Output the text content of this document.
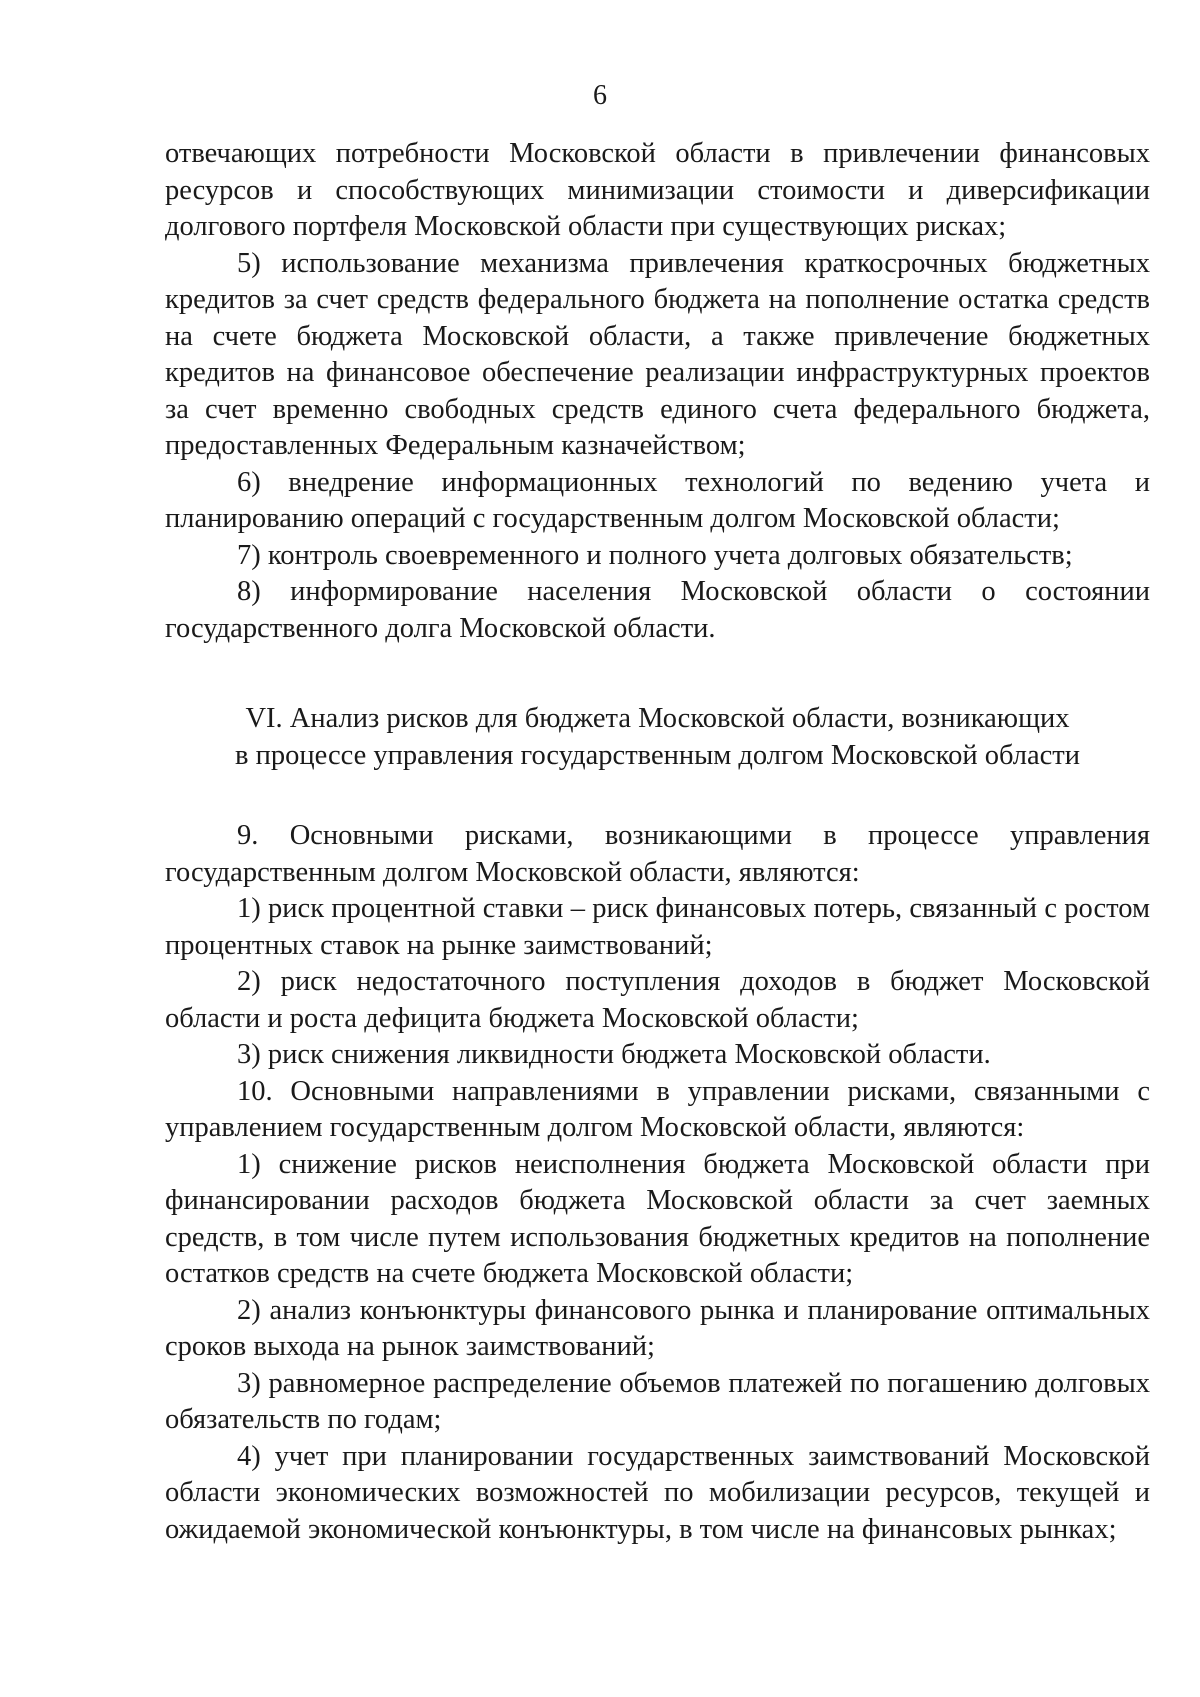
6

отвечающих потребности Московской области в привлечении финансовых ресурсов и способствующих минимизации стоимости и диверсификации долгового портфеля Московской области при существующих рисках;

5) использование механизма привлечения краткосрочных бюджетных кредитов за счет средств федерального бюджета на пополнение остатка средств на счете бюджета Московской области, а также привлечение бюджетных кредитов на финансовое обеспечение реализации инфраструктурных проектов за счет временно свободных средств единого счета федерального бюджета, предоставленных Федеральным казначейством;

6) внедрение информационных технологий по ведению учета и планированию операций с государственным долгом Московской области;

7) контроль своевременного и полного учета долговых обязательств;

8) информирование населения Московской области о состоянии государственного долга Московской области.

VI. Анализ рисков для бюджета Московской области, возникающих
в процессе управления государственным долгом Московской области

9. Основными рисками, возникающими в процессе управления государственным долгом Московской области, являются:

1) риск процентной ставки – риск финансовых потерь, связанный с ростом процентных ставок на рынке заимствований;

2) риск недостаточного поступления доходов в бюджет Московской области и роста дефицита бюджета Московской области;

3) риск снижения ликвидности бюджета Московской области.

10. Основными направлениями в управлении рисками, связанными с управлением государственным долгом Московской области, являются:

1) снижение рисков неисполнения бюджета Московской области при финансировании расходов бюджета Московской области за счет заемных средств, в том числе путем использования бюджетных кредитов на пополнение остатков средств на счете бюджета Московской области;

2) анализ конъюнктуры финансового рынка и планирование оптимальных сроков выхода на рынок заимствований;

3) равномерное распределение объемов платежей по погашению долговых обязательств по годам;

4) учет при планировании государственных заимствований Московской области экономических возможностей по мобилизации ресурсов, текущей и ожидаемой экономической конъюнктуры, в том числе на финансовых рынках;
